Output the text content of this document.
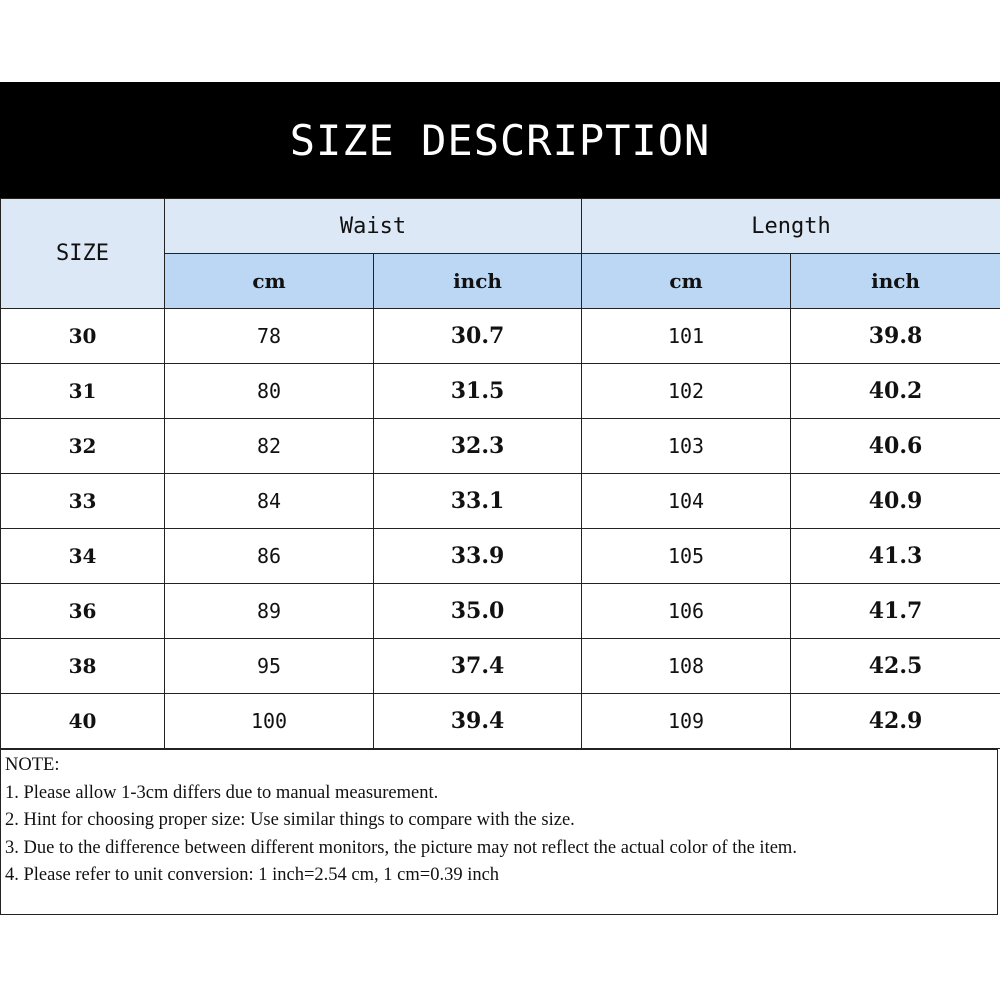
SIZE DESCRIPTION
SIZE	Waist		Length	
	cm	inch	cm	inch
30	78	30.7	101	39.8
31	80	31.5	102	40.2
32	82	32.3	103	40.6
33	84	33.1	104	40.9
34	86	33.9	105	41.3
36	89	35.0	106	41.7
38	95	37.4	108	42.5
40	100	39.4	109	42.9

NOTE:

1. Please allow 1-3cm differs due to manual measurement.

2. Hint for choosing proper size: Use similar things to compare with the size.

3. Due to the difference between different monitors, the picture may not reflect the actual color of the item.

4. Please refer to unit conversion: 1 inch=2.54 cm, 1 cm=0.39 inch
